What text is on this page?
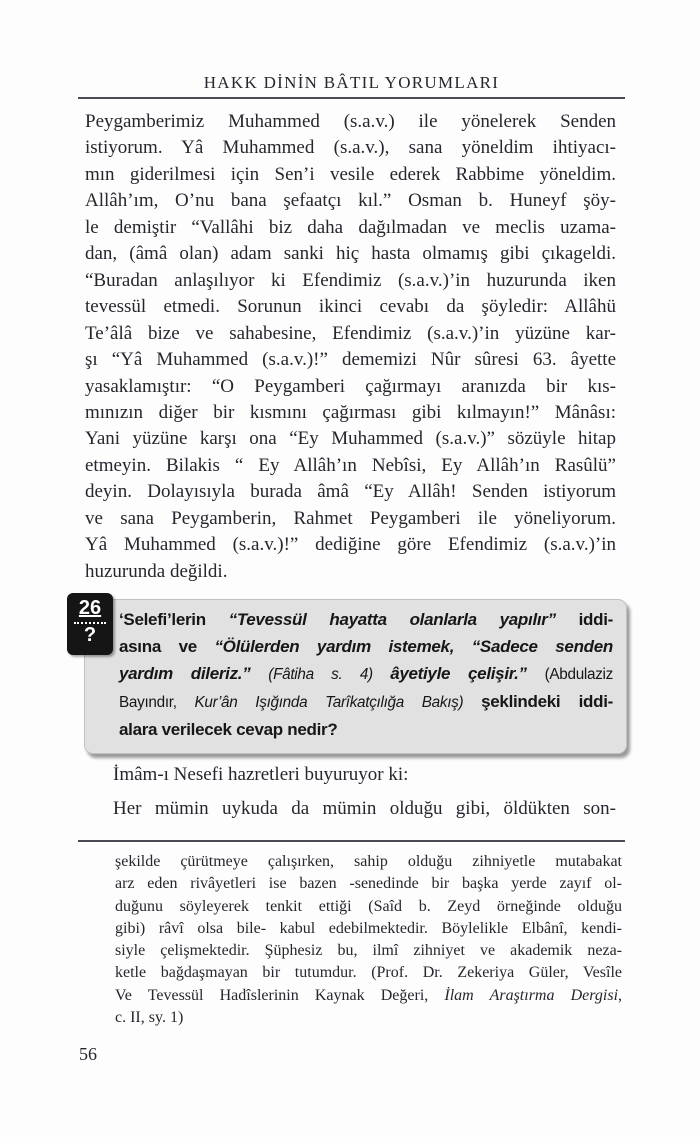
HAKK DİNİN BÂTIL YORUMLARI
Peygamberimiz Muhammed (s.a.v.) ile yönelerek Senden
istiyorum. Yâ Muhammed (s.a.v.), sana yöneldim ihtiyacı-
mın giderilmesi için Sen’i vesile ederek Rabbime yöneldim.
Allâh’ım, O’nu bana şefaatçı kıl.” Osman b. Huneyf şöy-
le demiştir “Vallâhi biz daha dağılmadan ve meclis uzama-
dan, (âmâ olan) adam sanki hiç hasta olmamış gibi çıkageldi.
“Buradan anlaşılıyor ki Efendimiz (s.a.v.)’in huzurunda iken
tevessül etmedi. Sorunun ikinci cevabı da şöyledir: Allâhü
Te’âlâ bize ve sahabesine, Efendimiz (s.a.v.)’in yüzüne kar-
şı “Yâ Muhammed (s.a.v.)!” dememizi Nûr sûresi 63. âyette
yasaklamıştır: “O Peygamberi çağırmayı aranızda bir kıs-
mınızın diğer bir kısmını çağırması gibi kılmayın!” Mânâsı:
Yani yüzüne karşı ona “Ey Muhammed (s.a.v.)” sözüyle hitap
etmeyin. Bilakis “ Ey Allâh’ın Nebîsi, Ey Allâh’ın Rasûlü”
deyin. Dolayısıyla burada âmâ “Ey Allâh! Senden istiyorum
ve sana Peygamberin, Rahmet Peygamberi ile yöneliyorum.
Yâ Muhammed (s.a.v.)!” dediğine göre Efendimiz (s.a.v.)’in
huzurunda değildi.
26
?
‘Selefi’lerin “Tevessül hayatta olanlarla yapılır” iddi-
asına ve “Ölülerden yardım istemek, “Sadece senden
yardım dileriz.” (Fâtiha s. 4) âyetiyle çelişir.” (Abdulaziz
Bayındır, Kur’ân Işığında Tarîkatçılığa Bakış) şeklindeki iddi-
alara verilecek cevap nedir?
İmâm-ı Nesefi hazretleri buyuruyor ki:
Her mümin uykuda da mümin olduğu gibi, öldükten son-
şekilde çürütmeye çalışırken, sahip olduğu zihniyetle mutabakat
arz eden rivâyetleri ise bazen -senedinde bir başka yerde zayıf ol-
duğunu söyleyerek tenkit ettiği (Saîd b. Zeyd örneğinde olduğu
gibi) râvî olsa bile- kabul edebilmektedir. Böylelikle Elbânî, kendi-
siyle çelişmektedir. Şüphesiz bu, ilmî zihniyet ve akademik neza-
ketle bağdaşmayan bir tutumdur. (Prof. Dr. Zekeriya Güler, Vesîle
Ve Tevessül Hadîslerinin Kaynak Değeri, İlam Araştırma Dergisi,
c. II, sy. 1)
56
